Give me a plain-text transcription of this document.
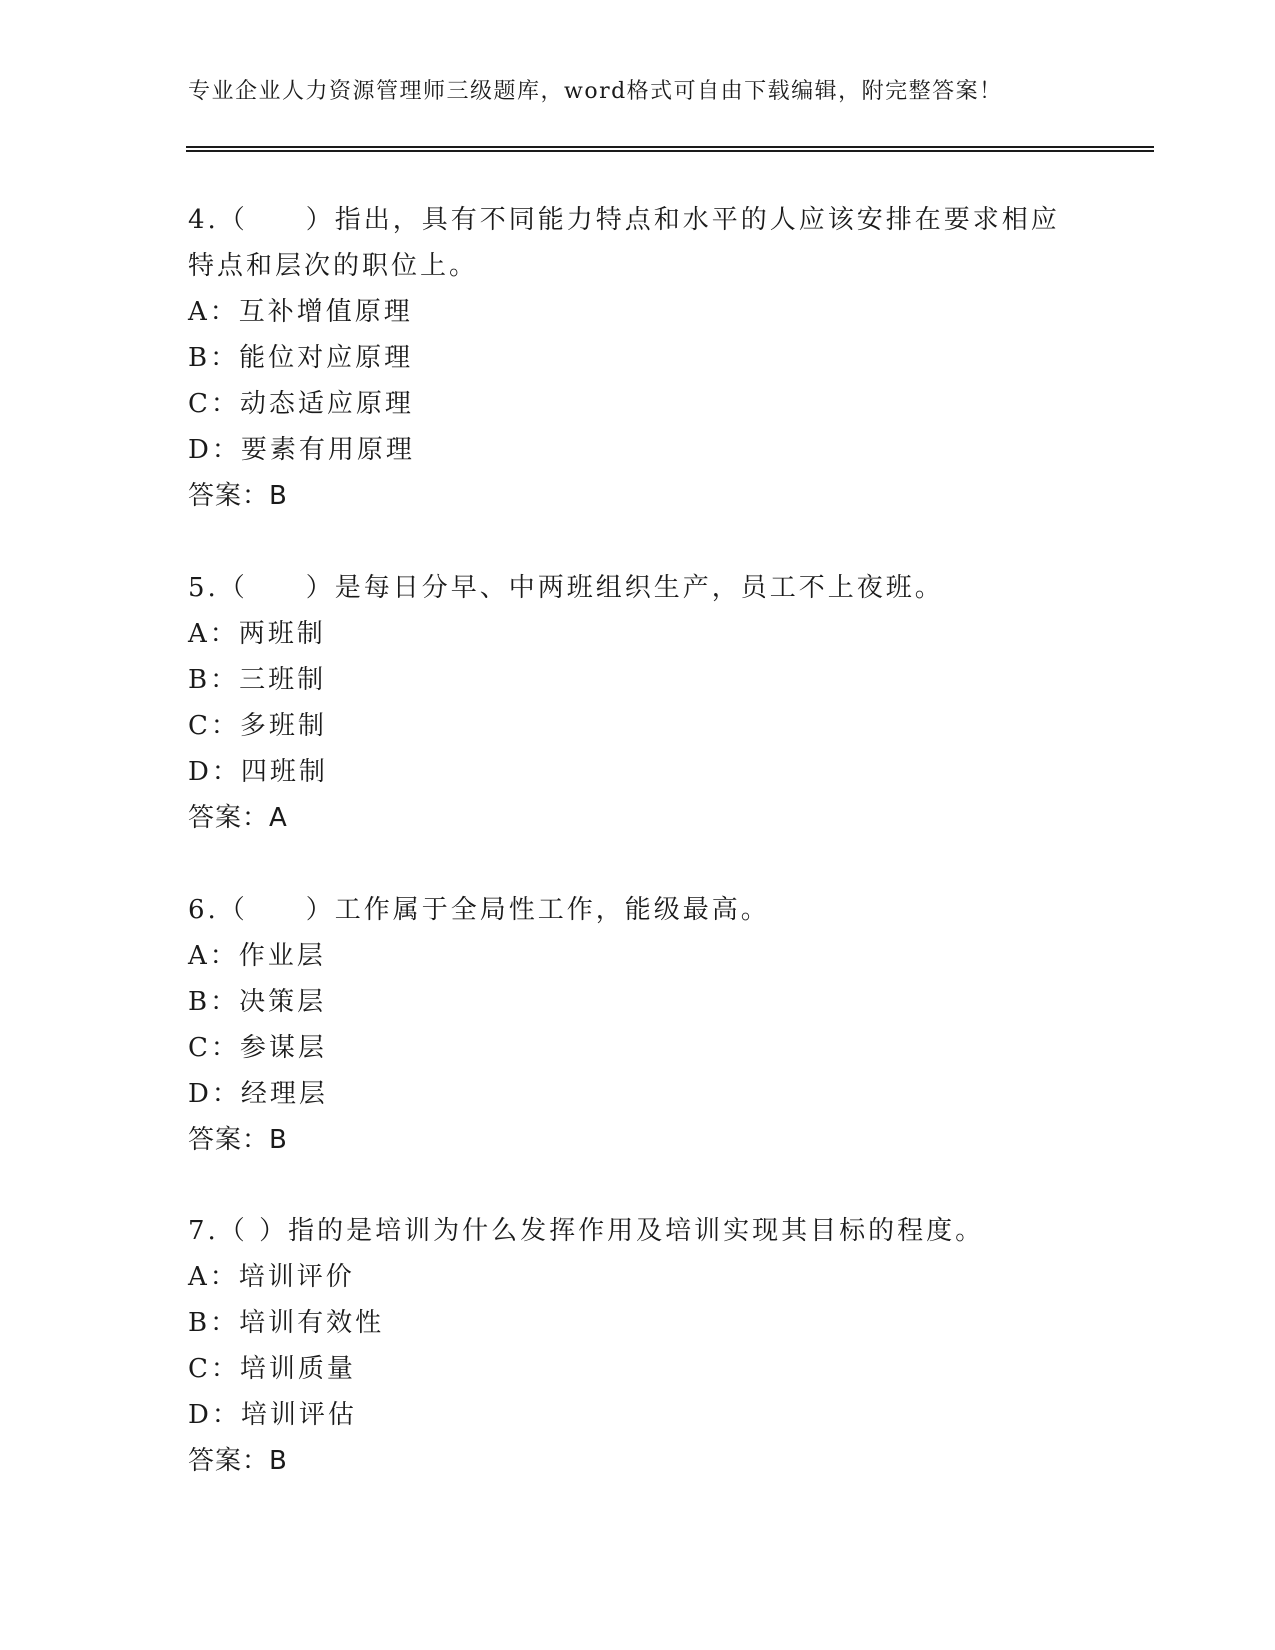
专业企业人力资源管理师三级题库，word格式可自由下载编辑，附完整答案！
4.（　　）指出，具有不同能力特点和水平的人应该安排在要求相应
特点和层次的职位上。
A：互补增值原理
B：能位对应原理
C：动态适应原理
D：要素有用原理
答案：B
5.（　　）是每日分早、中两班组织生产，员工不上夜班。
A：两班制
B：三班制
C：多班制
D：四班制
答案：A
6.（　　）工作属于全局性工作，能级最高。
A：作业层
B：决策层
C：参谋层
D：经理层
答案：B
7.（ ）指的是培训为什么发挥作用及培训实现其目标的程度。
A：培训评价
B：培训有效性
C：培训质量
D：培训评估
答案：B
